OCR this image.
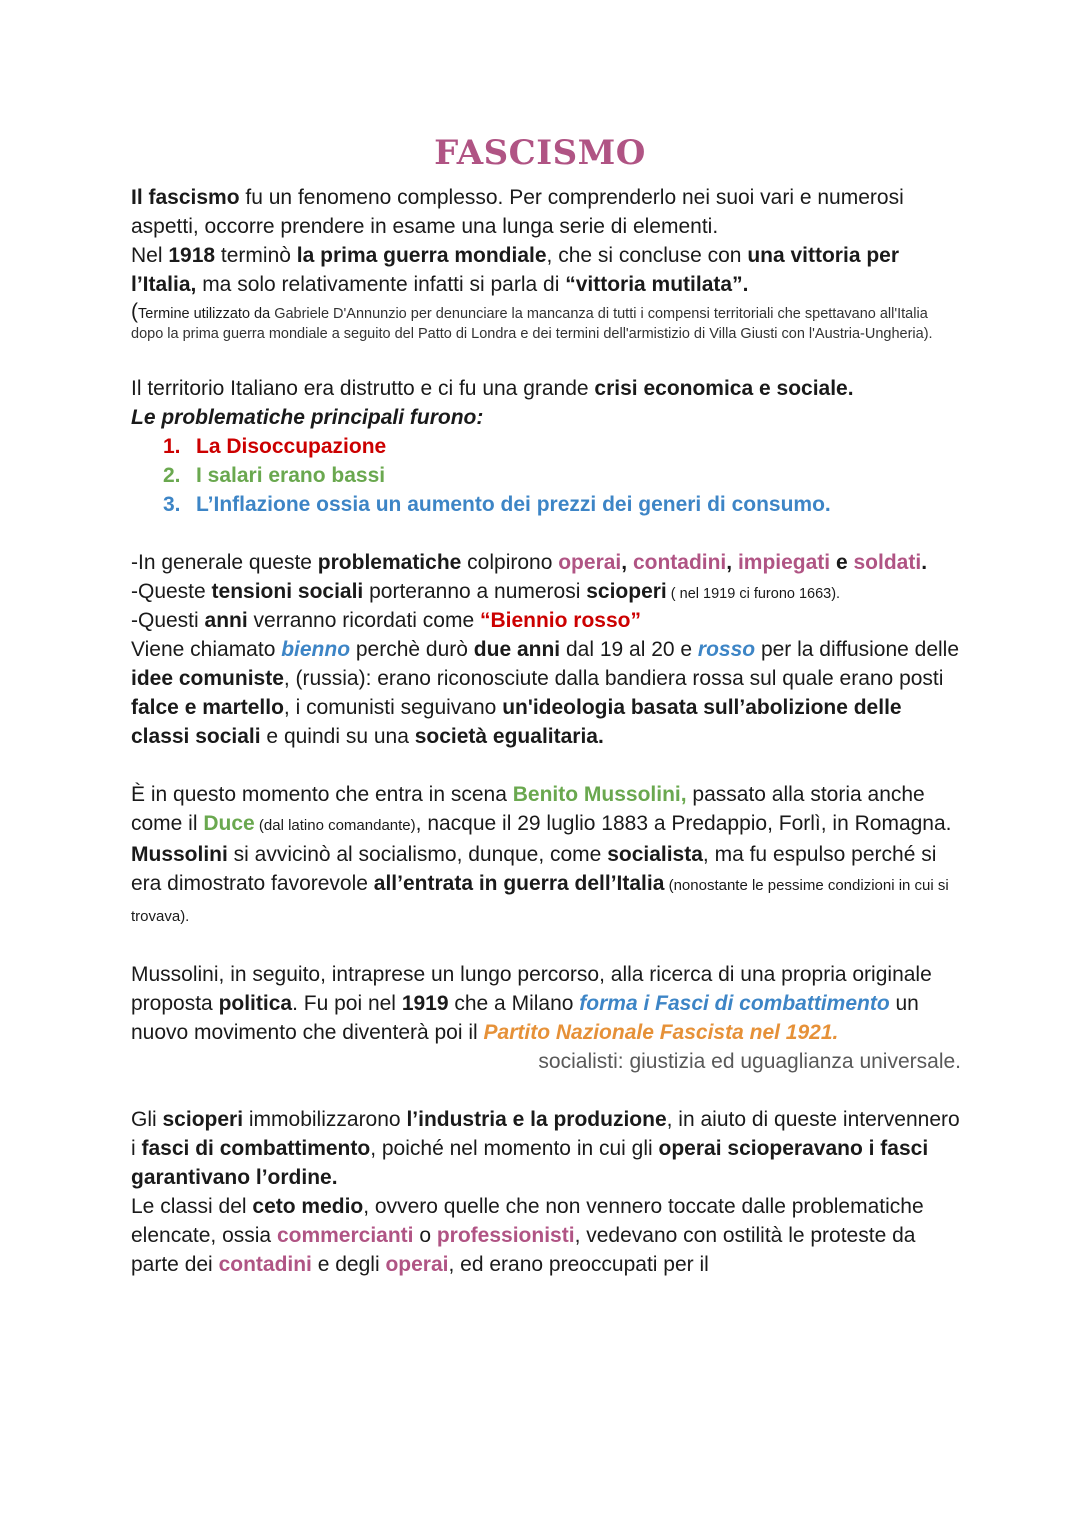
FASCISMO

Il fascismo fu un fenomeno complesso. Per comprenderlo nei suoi vari e numerosi aspetti, occorre prendere in esame una lunga serie di elementi.

Nel 1918 terminò la prima guerra mondiale, che si concluse con una vittoria per l’Italia, ma solo relativamente infatti si parla di “vittoria mutilata”.

(Termine utilizzato da Gabriele D'Annunzio per denunciare la mancanza di tutti i compensi territoriali che spettavano all'Italia dopo la prima guerra mondiale a seguito del Patto di Londra e dei termini dell'armistizio di Villa Giusti con l'Austria-Ungheria).

Il territorio Italiano era distrutto e ci fu una grande crisi economica e sociale.

Le problematiche principali furono:

1. La Disoccupazione
2. I salari erano bassi
3. L’Inflazione ossia un aumento dei prezzi dei generi di consumo.

-In generale queste problematiche colpirono operai, contadini, impiegati e soldati.

-Queste tensioni sociali porteranno a numerosi scioperi ( nel 1919 ci furono 1663).

-Questi anni verranno ricordati come “Biennio rosso”

Viene chiamato bienno perchè durò due anni dal 19 al 20 e rosso per la diffusione delle idee comuniste, (russia): erano riconosciute dalla bandiera rossa sul quale erano posti falce e martello, i comunisti seguivano un'ideologia basata sull’abolizione delle classi sociali e quindi su una società egualitaria.

È in questo momento che entra in scena Benito Mussolini, passato alla storia anche come il Duce (dal latino comandante), nacque il 29 luglio 1883 a Predappio, Forlì, in Romagna.

Mussolini si avvicinò al socialismo, dunque, come socialista, ma fu espulso perché si era dimostrato favorevole all’entrata in guerra dell’Italia (nonostante le pessime condizioni in cui si trovava).

Mussolini, in seguito, intraprese un lungo percorso, alla ricerca di una propria originale proposta politica. Fu poi nel 1919 che a Milano forma i Fasci di combattimento un nuovo movimento che diventerà poi il Partito Nazionale Fascista nel 1921.

socialisti: giustizia ed uguaglianza universale.

Gli scioperi immobilizzarono l’industria e la produzione, in aiuto di queste intervennero i fasci di combattimento, poiché nel momento in cui gli operai scioperavano i fasci garantivano l’ordine.

Le classi del ceto medio, ovvero quelle che non vennero toccate dalle problematiche elencate, ossia commercianti o professionisti, vedevano con ostilità le proteste da parte dei contadini e degli operai, ed erano preoccupati per il
